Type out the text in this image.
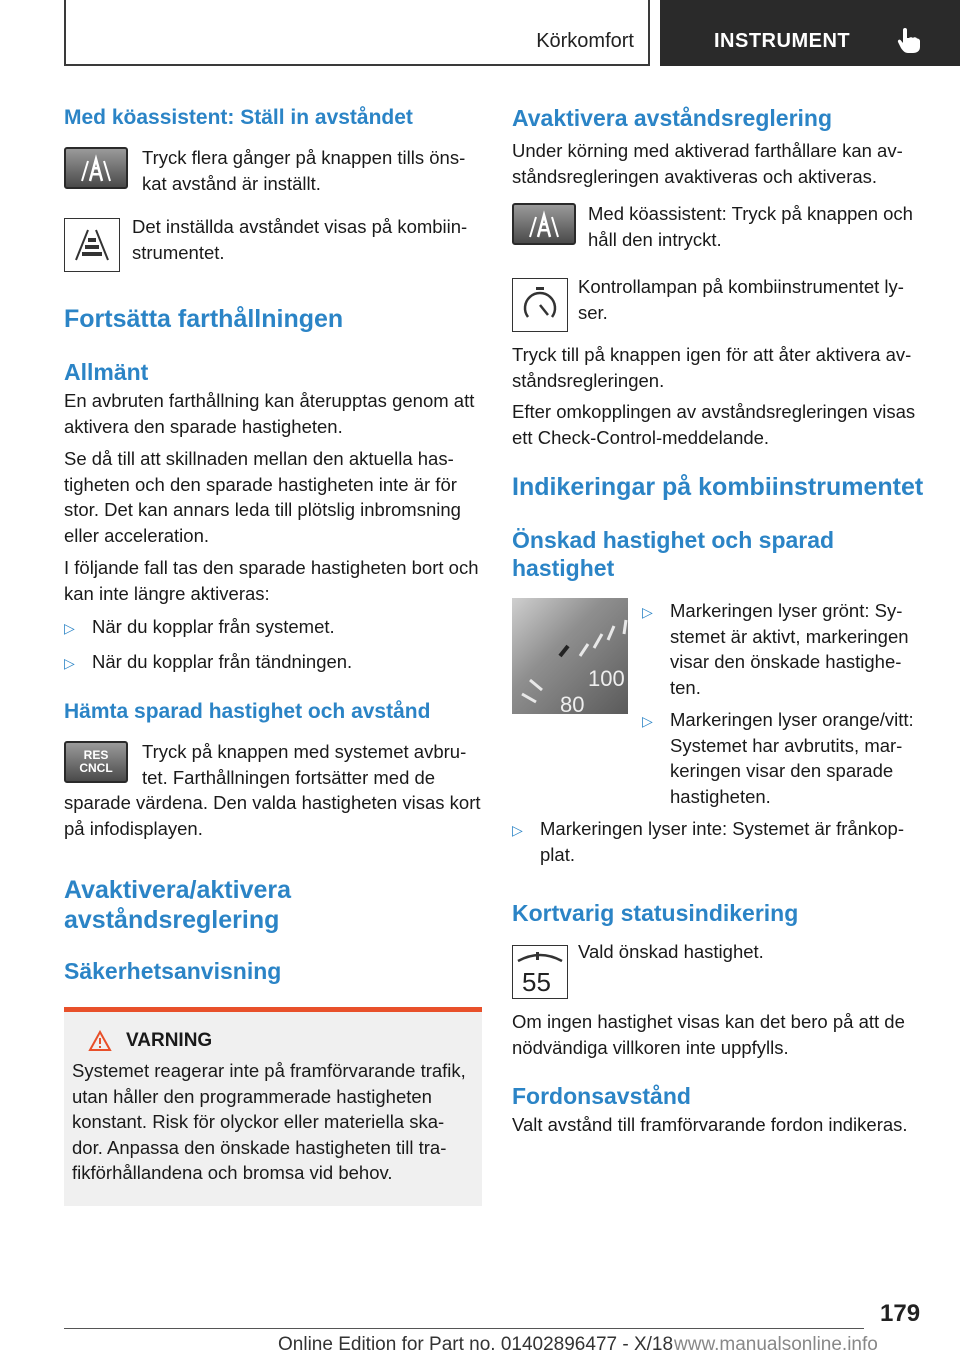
Körkomfort	INSTRUMENT
Med köassistent: Ställ in avståndet

Tryck flera gånger på knappen tills öns-kat avstånd är inställt.

Det inställda avståndet visas på kombiin-strumentet.

Fortsätta farthållningen
Allmänt

En avbruten farthållning kan återupptas genom att aktivera den sparade hastigheten.

Se då till att skillnaden mellan den aktuella has-tigheten och den sparade hastigheten inte är för stor. Det kan annars leda till plötslig inbromsning eller acceleration.

I följande fall tas den sparade hastigheten bort och kan inte längre aktiveras:

▷ När du kopplar från systemet.
▷ När du kopplar från tändningen.
Hämta sparad hastighet och avstånd
RES
CNCL

Tryck på knappen med systemet avbru-tet. Farthållningen fortsätter med de sparade värdena. Den valda hastigheten visas kort på infodisplayen.

Avaktivera/aktivera avståndsreglering
Säkerhetsanvisning
VARNING

Systemet reagerar inte på framförvarande trafik, utan håller den programmerade hastigheten konstant. Risk för olyckor eller materiella ska-dor. Anpassa den önskade hastigheten till tra-fikförhållandena och bromsa vid behov.

Avaktivera avståndsreglering

Under körning med aktiverad farthållare kan av-ståndsregleringen avaktiveras och aktiveras.

Med köassistent: Tryck på knappen och håll den intryckt.

Kontrollampan på kombiinstrumentet ly-ser.

Tryck till på knappen igen för att åter aktivera av-ståndsregleringen.

Efter omkopplingen av avståndsregleringen visas ett Check-Control-meddelande.

Indikeringar på kombiinstrumentet
Önskad hastighet och sparad hastighet
100
80
▷ Markeringen lyser grönt: Sy-stemet är aktivt, markeringen visar den önskade hastighe-ten.
▷ Markeringen lyser orange/vitt: Systemet har avbrutits, mar-keringen visar den sparade hastigheten.
▷ Markeringen lyser inte: Systemet är frånkop-plat.
Kortvarig statusindikering
55

Vald önskad hastighet.

Om ingen hastighet visas kan det bero på att de nödvändiga villkoren inte uppfylls.

Fordonsavstånd

Valt avstånd till framförvarande fordon indikeras.

179
Online Edition for Part no. 01402896477 - X/18 www.manualsonline.info
